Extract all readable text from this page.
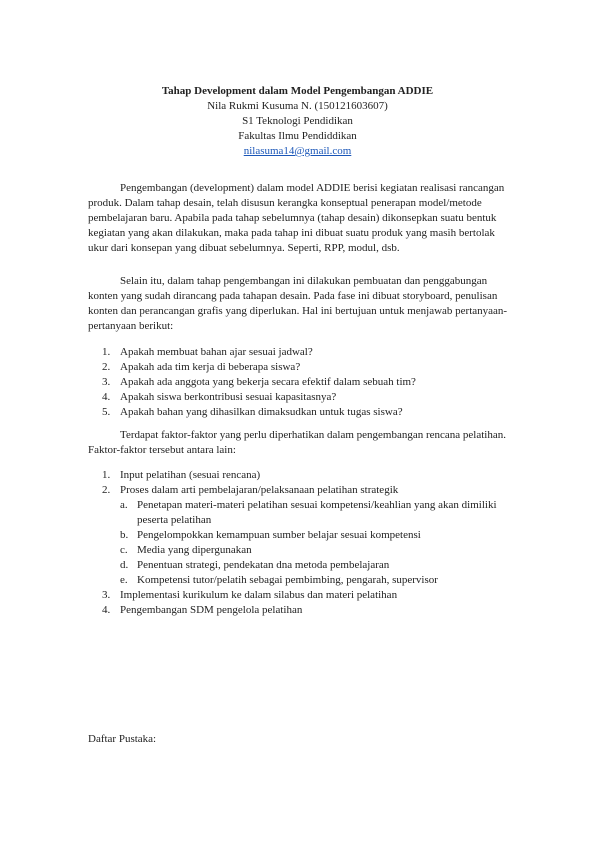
Tahap Development dalam Model Pengembangan ADDIE
Nila Rukmi Kusuma N. (150121603607)
S1 Teknologi Pendidikan
Fakultas Ilmu Pendiddikan
nilasuma14@gmail.com

Pengembangan (development) dalam model ADDIE berisi kegiatan realisasi rancangan produk. Dalam tahap desain, telah disusun kerangka konseptual penerapan model/metode pembelajaran baru. Apabila pada tahap sebelumnya (tahap desain) dikonsepkan suatu bentuk kegiatan yang akan dilakukan, maka pada tahap ini dibuat suatu produk yang masih bertolak ukur dari konsepan yang dibuat sebelumnya. Seperti, RPP, modul, dsb.

Selain itu, dalam tahap pengembangan ini dilakukan pembuatan dan penggabungan konten yang sudah dirancang pada tahapan desain. Pada fase ini dibuat storyboard, penulisan konten dan perancangan grafis yang diperlukan. Hal ini bertujuan untuk menjawab pertanyaan-pertanyaan berikut:

1. Apakah membuat bahan ajar sesuai jadwal?
2. Apakah ada tim kerja di beberapa siswa?
3. Apakah ada anggota yang bekerja secara efektif dalam sebuah tim?
4. Apakah siswa berkontribusi sesuai kapasitasnya?
5. Apakah bahan yang dihasilkan dimaksudkan untuk tugas siswa?

Terdapat faktor-faktor yang perlu diperhatikan dalam pengembangan rencana pelatihan. Faktor-faktor tersebut antara lain:

1. Input pelatihan (sesuai rencana)
2. Proses dalam arti pembelajaran/pelaksanaan pelatihan strategik
a. Penetapan materi-materi pelatihan sesuai kompetensi/keahlian yang akan dimiliki peserta pelatihan
b. Pengelompokkan kemampuan sumber belajar sesuai kompetensi
c. Media yang dipergunakan
d. Penentuan strategi, pendekatan dna metoda pembelajaran
e. Kompetensi tutor/pelatih sebagai pembimbing, pengarah, supervisor
3. Implementasi kurikulum ke dalam silabus dan materi pelatihan
4. Pengembangan SDM pengelola pelatihan
Daftar Pustaka:
